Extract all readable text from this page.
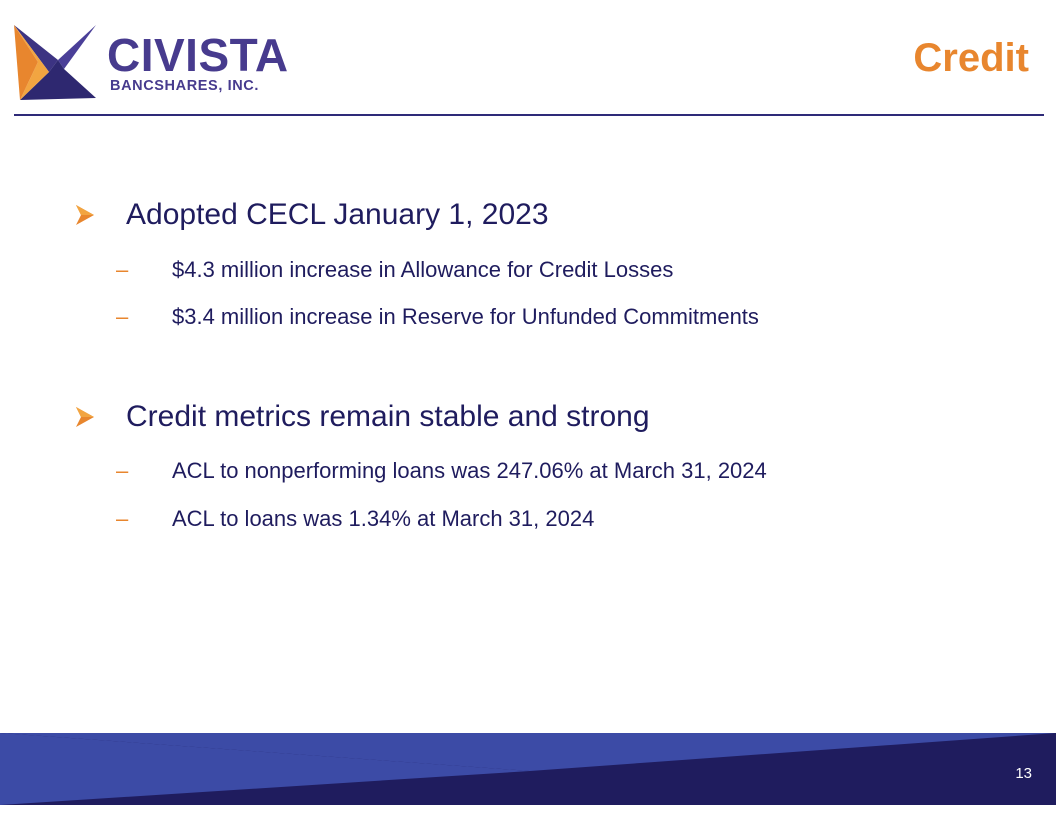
CIVISTA
BANCSHARES, INC.
Credit
Adopted CECL January 1, 2023
–	$4.3 million increase in Allowance for Credit Losses
–	$3.4 million increase in Reserve for Unfunded Commitments
Credit metrics remain stable and strong
–	ACL to nonperforming loans was 247.06% at March 31, 2024
–	ACL to loans was 1.34% at March 31, 2024
13
